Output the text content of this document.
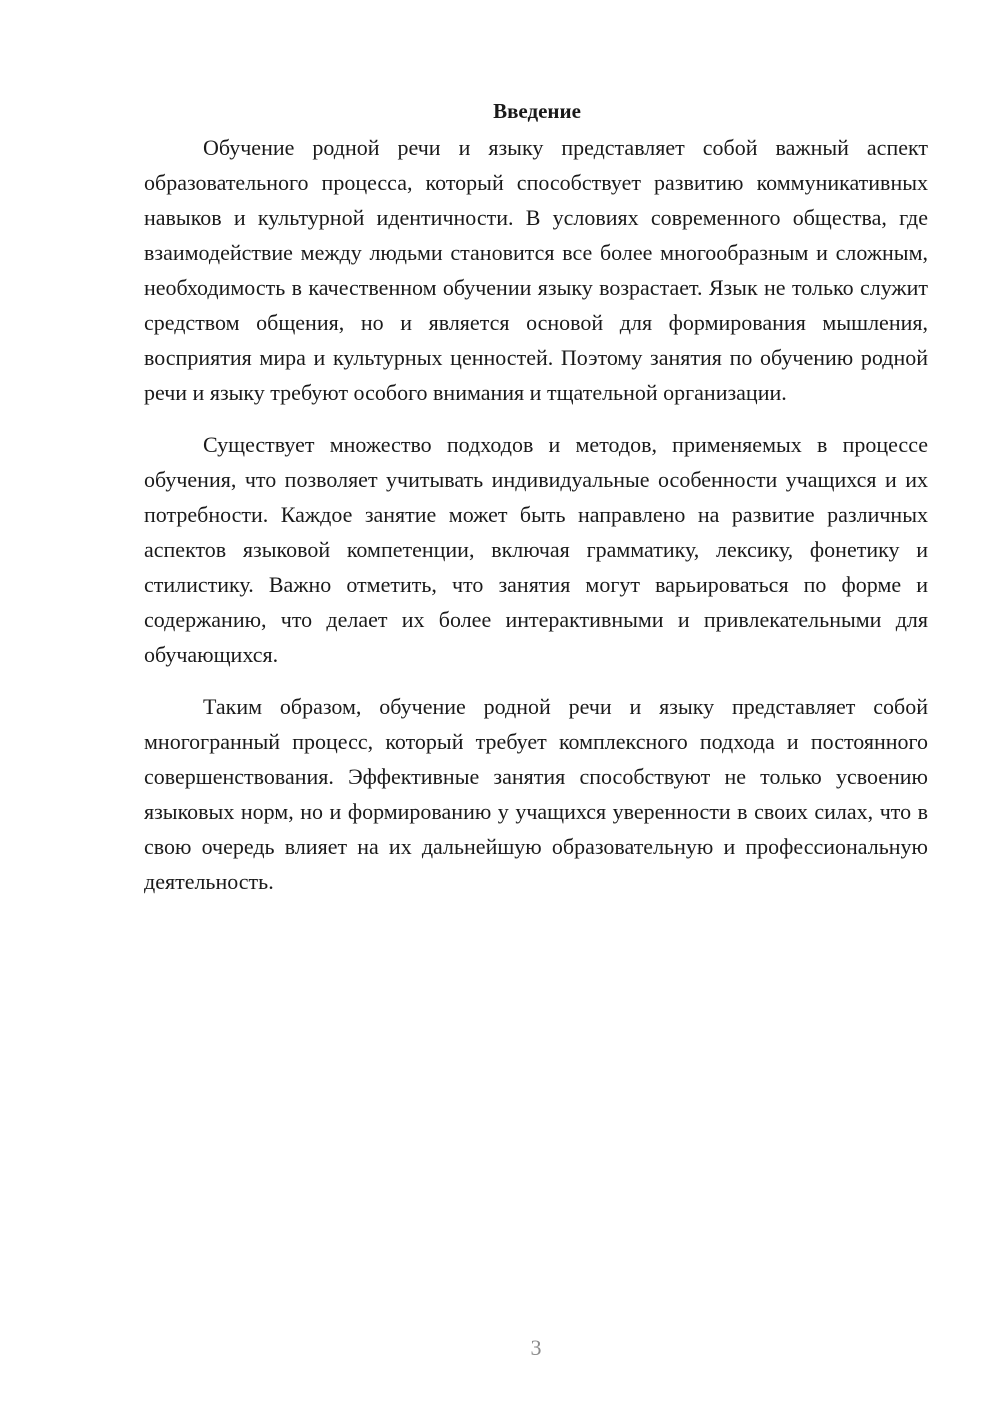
Введение

Обучение родной речи и языку представляет собой важный аспект образовательного процесса, который способствует развитию коммуникативных навыков и культурной идентичности. В условиях современного общества, где взаимодействие между людьми становится все более многообразным и сложным, необходимость в качественном обучении языку возрастает. Язык не только служит средством общения, но и является основой для формирования мышления, восприятия мира и культурных ценностей. Поэтому занятия по обучению родной речи и языку требуют особого внимания и тщательной организации.

Существует множество подходов и методов, применяемых в процессе обучения, что позволяет учитывать индивидуальные особенности учащихся и их потребности. Каждое занятие может быть направлено на развитие различных аспектов языковой компетенции, включая грамматику, лексику, фонетику и стилистику. Важно отметить, что занятия могут варьироваться по форме и содержанию, что делает их более интерактивными и привлекательными для обучающихся.

Таким образом, обучение родной речи и языку представляет собой многогранный процесс, который требует комплексного подхода и постоянного совершенствования. Эффективные занятия способствуют не только усвоению языковых норм, но и формированию у учащихся уверенности в своих силах, что в свою очередь влияет на их дальнейшую образовательную и профессиональную деятельность.

3
